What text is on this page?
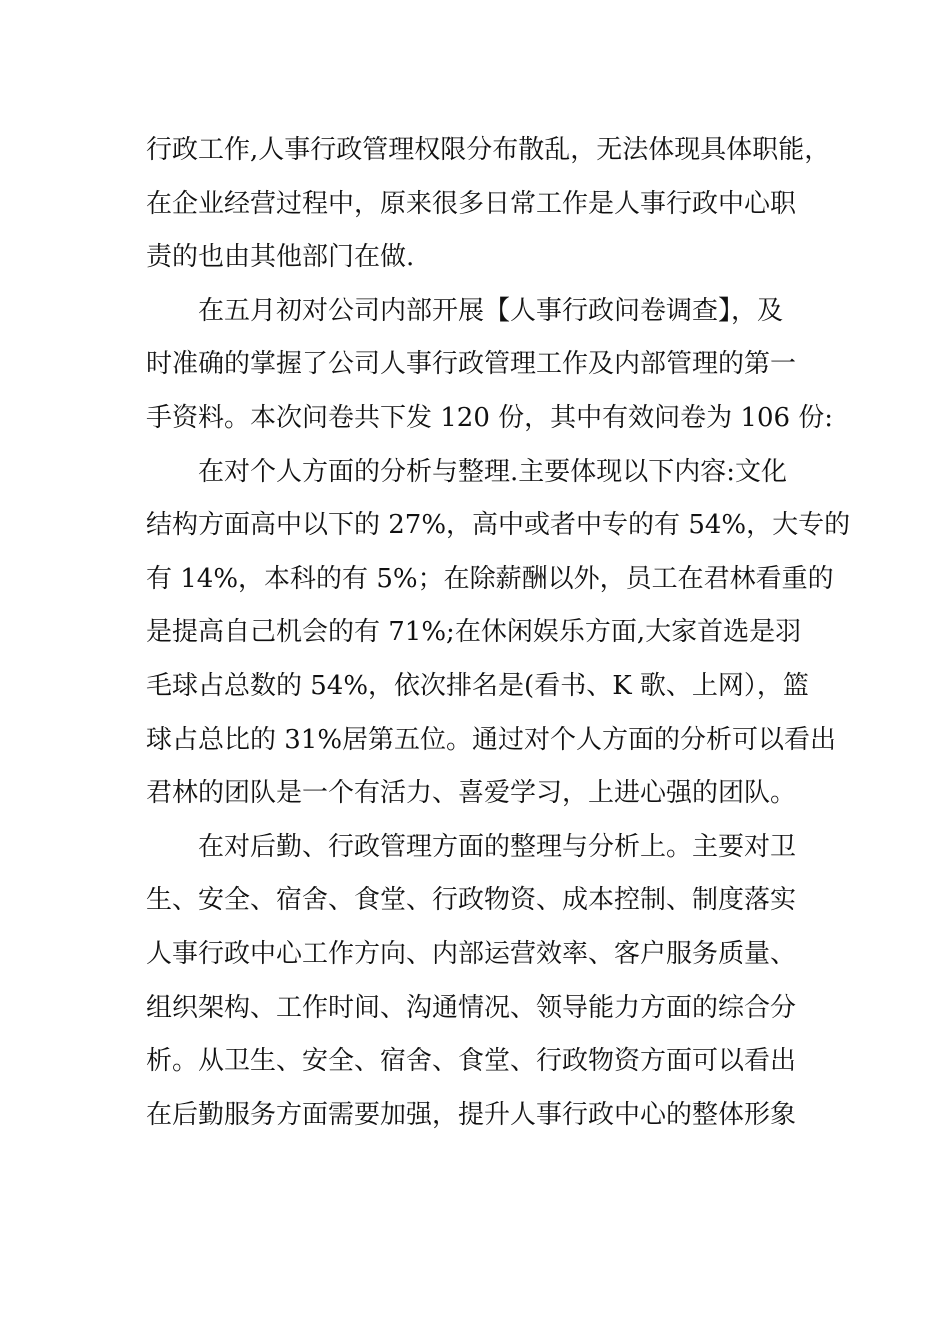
行政工作,人事行政管理权限分布散乱，无法体现具体职能，
在企业经营过程中，原来很多日常工作是人事行政中心职
责的也由其他部门在做.
在五月初对公司内部开展【人事行政问卷调查】，及
时准确的掌握了公司人事行政管理工作及内部管理的第一
手资料。本次问卷共下发 120 份，其中有效问卷为 106 份:
在对个人方面的分析与整理.主要体现以下内容:文化
结构方面高中以下的 27%，高中或者中专的有 54%，大专的
有 14%，本科的有 5%；在除薪酬以外，员工在君林看重的
是提高自己机会的有 71%;在休闲娱乐方面,大家首选是羽
毛球占总数的 54%，依次排名是(看书、K 歌、上网），篮
球占总比的 31%居第五位。通过对个人方面的分析可以看出
君林的团队是一个有活力、喜爱学习，上进心强的团队。
在对后勤、行政管理方面的整理与分析上。主要对卫
生、安全、宿舍、食堂、行政物资、成本控制、制度落实
人事行政中心工作方向、内部运营效率、客户服务质量、
组织架构、工作时间、沟通情况、领导能力方面的综合分
析。从卫生、安全、宿舍、食堂、行政物资方面可以看出
在后勤服务方面需要加强，提升人事行政中心的整体形象
